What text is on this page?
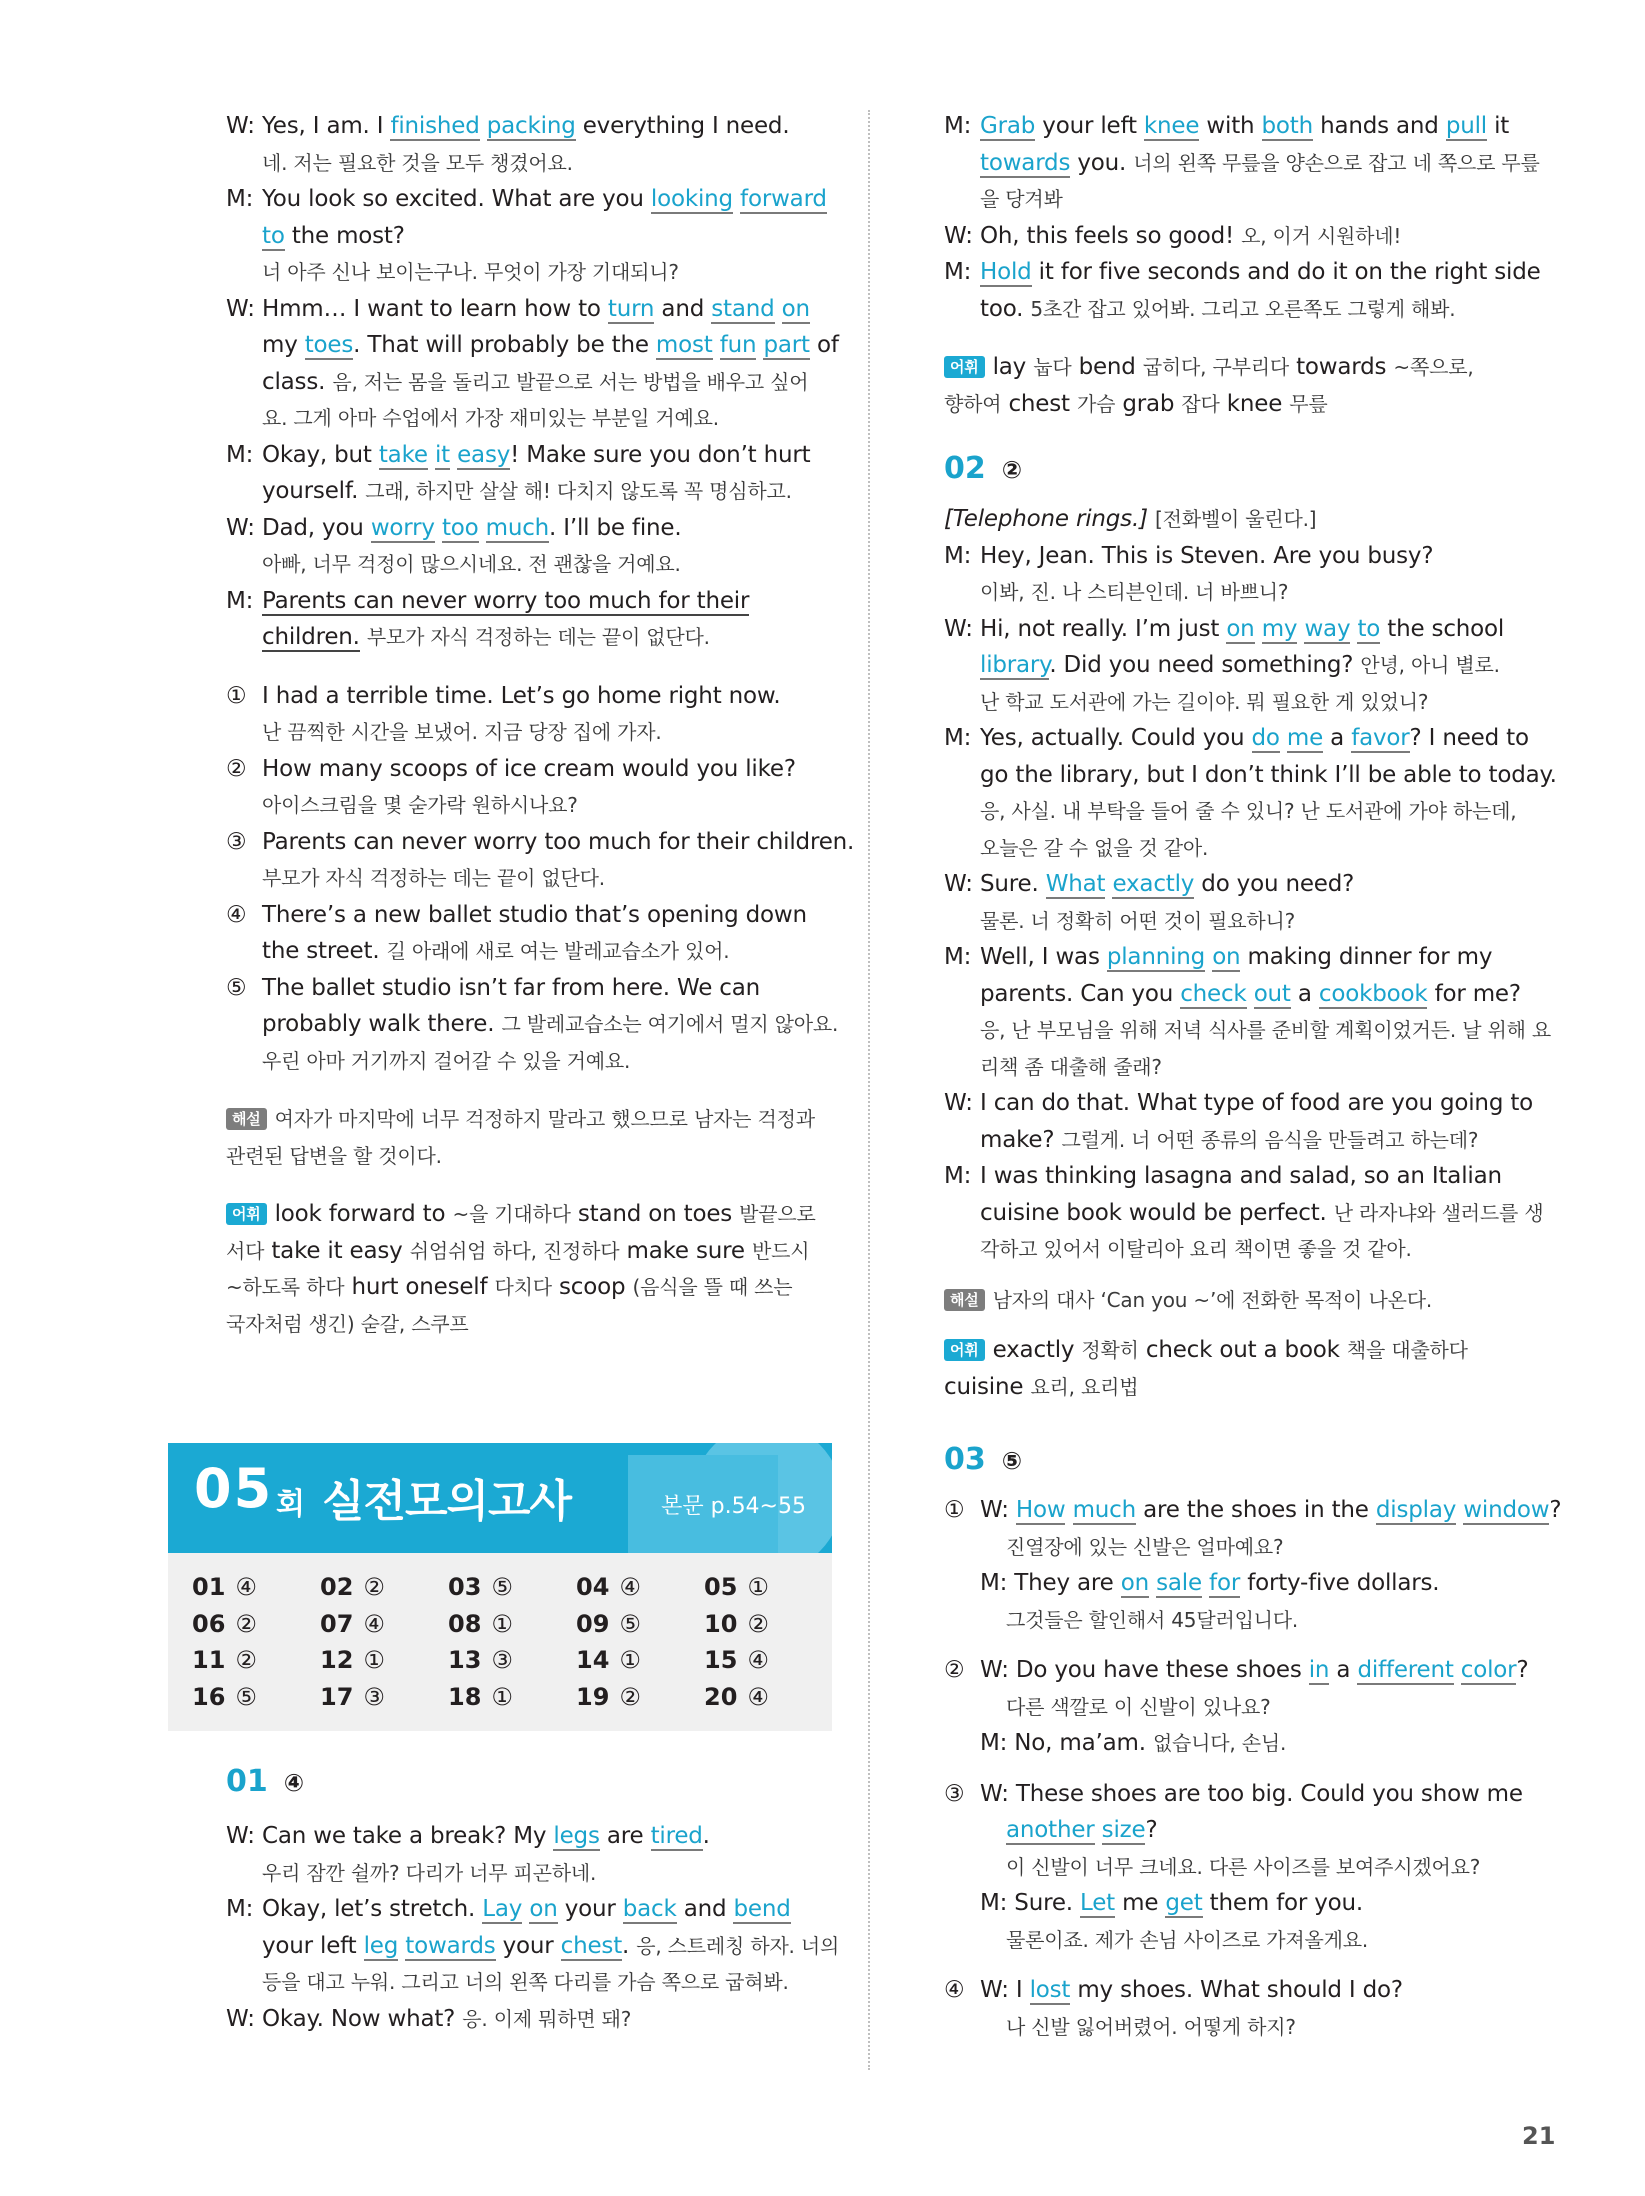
W: Yes, I am. I finished packing everything I need.
네. 저는 필요한 것을 모두 챙겼어요.
M: You look so excited. What are you looking forward
to the most?
너 아주 신나 보이는구나. 무엇이 가장 기대되니?
W: Hmm… I want to learn how to turn and stand on
my toes. That will probably be the most fun part of
class. 음, 저는 몸을 돌리고 발끝으로 서는 방법을 배우고 싶어
요. 그게 아마 수업에서 가장 재미있는 부분일 거예요.
M: Okay, but take it easy! Make sure you don’t hurt
yourself. 그래, 하지만 살살 해! 다치지 않도록 꼭 명심하고.
W: Dad, you worry too much. I’ll be fine.
아빠, 너무 걱정이 많으시네요. 전 괜찮을 거예요.
M: Parents can never worry too much for their
children. 부모가 자식 걱정하는 데는 끝이 없단다.
① I had a terrible time. Let’s go home right now.
난 끔찍한 시간을 보냈어. 지금 당장 집에 가자.
② How many scoops of ice cream would you like?
아이스크림을 몇 숟가락 원하시나요?
③ Parents can never worry too much for their children.
부모가 자식 걱정하는 데는 끝이 없단다.
④ There’s a new ballet studio that’s opening down
the street. 길 아래에 새로 여는 발레교습소가 있어.
⑤ The ballet studio isn’t far from here. We can
probably walk there. 그 발레교습소는 여기에서 멀지 않아요.
우린 아마 거기까지 걸어갈 수 있을 거예요.
해설 여자가 마지막에 너무 걱정하지 말라고 했으므로 남자는 걱정과
관련된 답변을 할 것이다.
어휘 look forward to ~을 기대하다 stand on toes 발끝으로
서다 take it easy 쉬엄쉬엄 하다, 진정하다 make sure 반드시
~하도록 하다 hurt oneself 다치다 scoop (음식을 뜰 때 쓰는
국자처럼 생긴) 숟갈, 스쿠프
05 회 실전모의고사	본문 p.54~55
01 ④	02 ②	03 ⑤	04 ④	05 ①
06 ②	07 ④	08 ①	09 ⑤	10 ②
11 ②	12 ①	13 ③	14 ①	15 ④
16 ⑤	17 ③	18 ①	19 ②	20 ④
01 ④
W: Can we take a break? My legs are tired.
우리 잠깐 쉴까? 다리가 너무 피곤하네.
M: Okay, let’s stretch. Lay on your back and bend
your left leg towards your chest. 응, 스트레칭 하자. 너의
등을 대고 누워. 그리고 너의 왼쪽 다리를 가슴 쪽으로 굽혀봐.
W: Okay. Now what? 응. 이제 뭐하면 돼?
M: Grab your left knee with both hands and pull it
towards you. 너의 왼쪽 무릎을 양손으로 잡고 네 쪽으로 무릎
을 당겨봐
W: Oh, this feels so good! 오, 이거 시원하네!
M: Hold it for five seconds and do it on the right side
too. 5초간 잡고 있어봐. 그리고 오른쪽도 그렇게 해봐.
어휘 lay 눕다 bend 굽히다, 구부리다 towards ~쪽으로,
향하여 chest 가슴 grab 잡다 knee 무릎
02 ②
[Telephone rings.] [전화벨이 울린다.]
M: Hey, Jean. This is Steven. Are you busy?
이봐, 진. 나 스티븐인데. 너 바쁘니?
W: Hi, not really. I’m just on my way to the school
library. Did you need something? 안녕, 아니 별로.
난 학교 도서관에 가는 길이야. 뭐 필요한 게 있었니?
M: Yes, actually. Could you do me a favor? I need to
go the library, but I don’t think I’ll be able to today.
응, 사실. 내 부탁을 들어 줄 수 있니? 난 도서관에 가야 하는데,
오늘은 갈 수 없을 것 같아.
W: Sure. What exactly do you need?
물론. 너 정확히 어떤 것이 필요하니?
M: Well, I was planning on making dinner for my
parents. Can you check out a cookbook for me?
응, 난 부모님을 위해 저녁 식사를 준비할 계획이었거든. 날 위해 요
리책 좀 대출해 줄래?
W: I can do that. What type of food are you going to
make? 그럴게. 너 어떤 종류의 음식을 만들려고 하는데?
M: I was thinking lasagna and salad, so an Italian
cuisine book would be perfect. 난 라자냐와 샐러드를 생
각하고 있어서 이탈리아 요리 책이면 좋을 것 같아.
해설 남자의 대사 ‘Can you ~’에 전화한 목적이 나온다.
어휘 exactly 정확히 check out a book 책을 대출하다
cuisine 요리, 요리법
03 ⑤
① W: How much are the shoes in the display window?
진열장에 있는 신발은 얼마예요?
M: They are on sale for forty-five dollars.
그것들은 할인해서 45달러입니다.
② W: Do you have these shoes in a different color?
다른 색깔로 이 신발이 있나요?
M: No, ma’am. 없습니다, 손님.
③ W: These shoes are too big. Could you show me
another size?
이 신발이 너무 크네요. 다른 사이즈를 보여주시겠어요?
M: Sure. Let me get them for you.
물론이죠. 제가 손님 사이즈로 가져올게요.
④ W: I lost my shoes. What should I do?
나 신발 잃어버렸어. 어떻게 하지?
21
